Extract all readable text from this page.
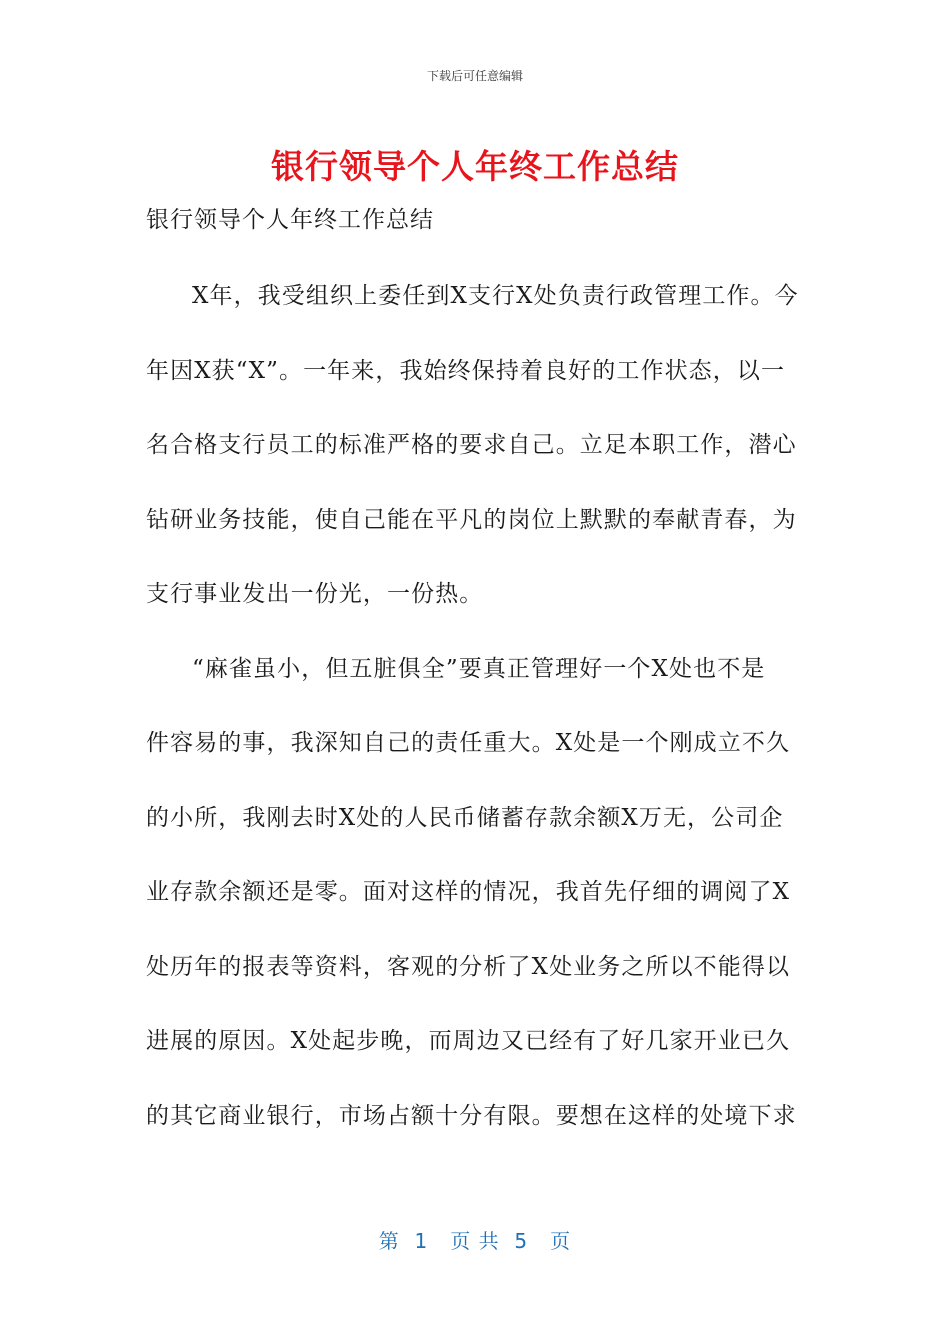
下载后可任意编辑
银行领导个人年终工作总结
银行领导个人年终工作总结
X年，我受组织上委任到X支行X处负责行政管理工作。今
年因X获“X”。一年来，我始终保持着良好的工作状态，以一
名合格支行员工的标准严格的要求自己。立足本职工作，潜心
钻研业务技能，使自己能在平凡的岗位上默默的奉献青春，为
支行事业发出一份光，一份热。
“麻雀虽小，但五脏俱全”要真正管理好一个X处也不是
件容易的事，我深知自己的责任重大。X处是一个刚成立不久
的小所，我刚去时X处的人民币储蓄存款余额X万无，公司企
业存款余额还是零。面对这样的情况，我首先仔细的调阅了X
处历年的报表等资料，客观的分析了X处业务之所以不能得以
进展的原因。X处起步晚，而周边又已经有了好几家开业已久
的其它商业银行，市场占额十分有限。要想在这样的处境下求
第  1   页 共  5   页
